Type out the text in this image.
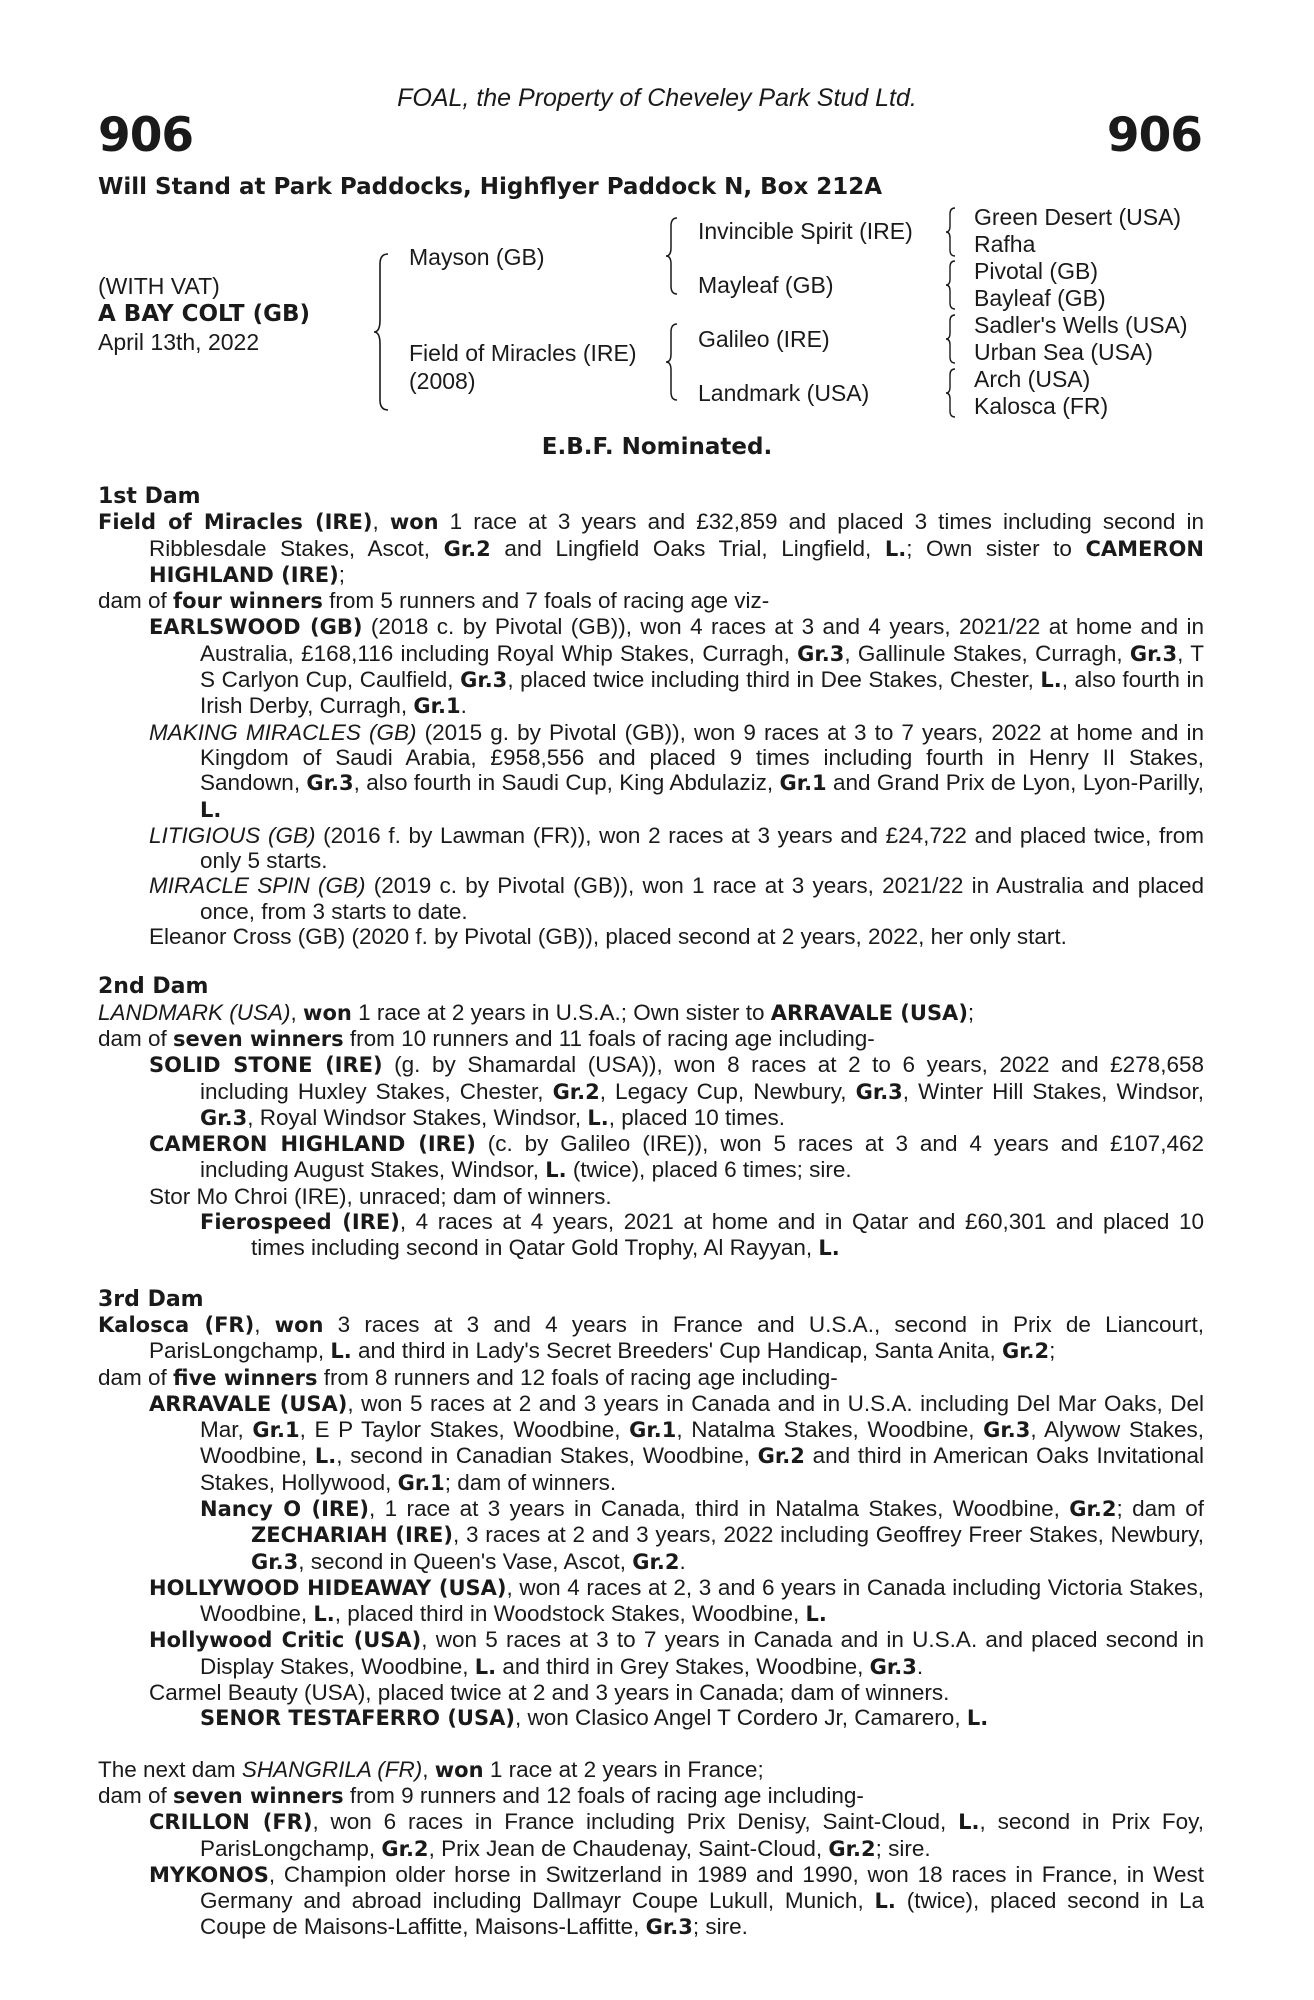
FOAL, the Property of Cheveley Park Stud Ltd.
906	906
Will Stand at Park Paddocks, Highflyer Paddock N, Box 212A
(WITH VAT)
A BAY COLT (GB)
April 13th, 2022
Mayson (GB)
Field of Miracles (IRE)
(2008)
Invincible Spirit (IRE)
Mayleaf (GB)
Galileo (IRE)
Landmark (USA)
Green Desert (USA)
Rafha
Pivotal (GB)
Bayleaf (GB)
Sadler's Wells (USA)
Urban Sea (USA)
Arch (USA)
Kalosca (FR)
E.B.F. Nominated.
1st Dam
Field of Miracles (IRE), won 1 race at 3 years and £32,859 and placed 3 times including second in Ribblesdale Stakes, Ascot, Gr.2 and Lingfield Oaks Trial, Lingfield, L.; Own sister to CAMERON HIGHLAND (IRE);
dam of four winners from 5 runners and 7 foals of racing age viz-
EARLSWOOD (GB) (2018 c. by Pivotal (GB)), won 4 races at 3 and 4 years, 2021/22 at home and in Australia, £168,116 including Royal Whip Stakes, Curragh, Gr.3, Gallinule Stakes, Curragh, Gr.3, T S Carlyon Cup, Caulfield, Gr.3, placed twice including third in Dee Stakes, Chester, L., also fourth in Irish Derby, Curragh, Gr.1.
MAKING MIRACLES (GB) (2015 g. by Pivotal (GB)), won 9 races at 3 to 7 years, 2022 at home and in Kingdom of Saudi Arabia, £958,556 and placed 9 times including fourth in Henry II Stakes, Sandown, Gr.3, also fourth in Saudi Cup, King Abdulaziz, Gr.1 and Grand Prix de Lyon, Lyon-Parilly, L.
LITIGIOUS (GB) (2016 f. by Lawman (FR)), won 2 races at 3 years and £24,722 and placed twice, from only 5 starts.
MIRACLE SPIN (GB) (2019 c. by Pivotal (GB)), won 1 race at 3 years, 2021/22 in Australia and placed once, from 3 starts to date.
Eleanor Cross (GB) (2020 f. by Pivotal (GB)), placed second at 2 years, 2022, her only start.
2nd Dam
LANDMARK (USA), won 1 race at 2 years in U.S.A.; Own sister to ARRAVALE (USA);
dam of seven winners from 10 runners and 11 foals of racing age including-
SOLID STONE (IRE) (g. by Shamardal (USA)), won 8 races at 2 to 6 years, 2022 and £278,658 including Huxley Stakes, Chester, Gr.2, Legacy Cup, Newbury, Gr.3, Winter Hill Stakes, Windsor, Gr.3, Royal Windsor Stakes, Windsor, L., placed 10 times.
CAMERON HIGHLAND (IRE) (c. by Galileo (IRE)), won 5 races at 3 and 4 years and £107,462 including August Stakes, Windsor, L. (twice), placed 6 times; sire.
Stor Mo Chroi (IRE), unraced; dam of winners.
Fierospeed (IRE), 4 races at 4 years, 2021 at home and in Qatar and £60,301 and placed 10 times including second in Qatar Gold Trophy, Al Rayyan, L.
3rd Dam
Kalosca (FR), won 3 races at 3 and 4 years in France and U.S.A., second in Prix de Liancourt, ParisLongchamp, L. and third in Lady's Secret Breeders' Cup Handicap, Santa Anita, Gr.2;
dam of five winners from 8 runners and 12 foals of racing age including-
ARRAVALE (USA), won 5 races at 2 and 3 years in Canada and in U.S.A. including Del Mar Oaks, Del Mar, Gr.1, E P Taylor Stakes, Woodbine, Gr.1, Natalma Stakes, Woodbine, Gr.3, Alywow Stakes, Woodbine, L., second in Canadian Stakes, Woodbine, Gr.2 and third in American Oaks Invitational Stakes, Hollywood, Gr.1; dam of winners.
Nancy O (IRE), 1 race at 3 years in Canada, third in Natalma Stakes, Woodbine, Gr.2; dam of ZECHARIAH (IRE), 3 races at 2 and 3 years, 2022 including Geoffrey Freer Stakes, Newbury, Gr.3, second in Queen's Vase, Ascot, Gr.2.
HOLLYWOOD HIDEAWAY (USA), won 4 races at 2, 3 and 6 years in Canada including Victoria Stakes, Woodbine, L., placed third in Woodstock Stakes, Woodbine, L.
Hollywood Critic (USA), won 5 races at 3 to 7 years in Canada and in U.S.A. and placed second in Display Stakes, Woodbine, L. and third in Grey Stakes, Woodbine, Gr.3.
Carmel Beauty (USA), placed twice at 2 and 3 years in Canada; dam of winners.
SENOR TESTAFERRO (USA), won Clasico Angel T Cordero Jr, Camarero, L.
The next dam SHANGRILA (FR), won 1 race at 2 years in France;
dam of seven winners from 9 runners and 12 foals of racing age including-
CRILLON (FR), won 6 races in France including Prix Denisy, Saint-Cloud, L., second in Prix Foy, ParisLongchamp, Gr.2, Prix Jean de Chaudenay, Saint-Cloud, Gr.2; sire.
MYKONOS, Champion older horse in Switzerland in 1989 and 1990, won 18 races in France, in West Germany and abroad including Dallmayr Coupe Lukull, Munich, L. (twice), placed second in La Coupe de Maisons-Laffitte, Maisons-Laffitte, Gr.3; sire.
